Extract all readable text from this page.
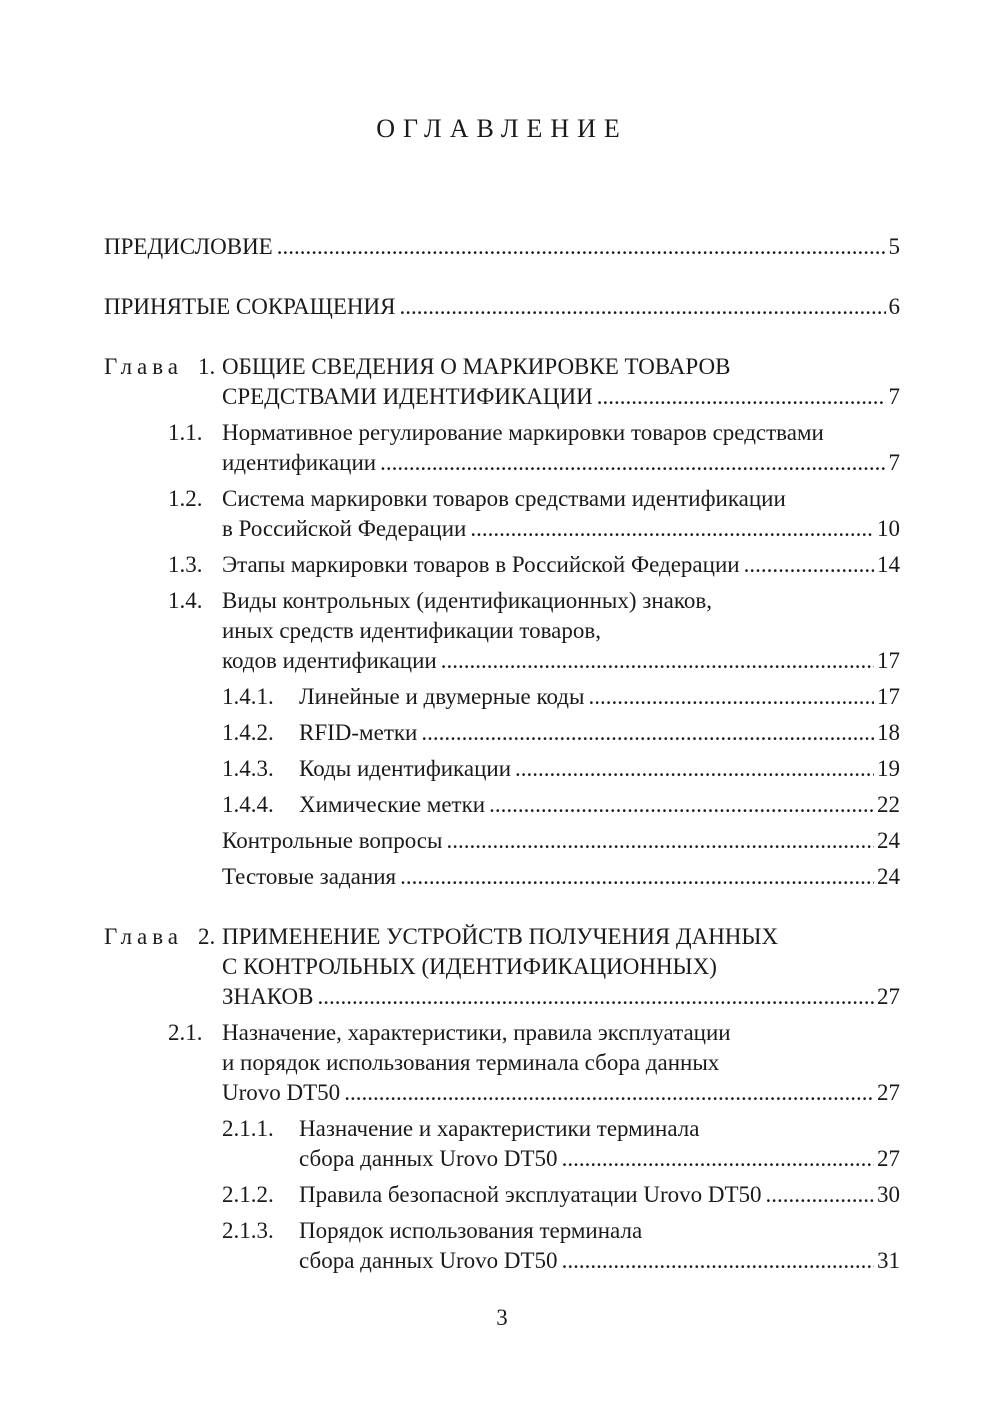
ОГЛАВЛЕНИЕ
ПРЕДИСЛОВИЕ .....	5
ПРИНЯТЫЕ СОКРАЩЕНИЯ .....	6
Глава 1. ОБЩИЕ СВЕДЕНИЯ О МАРКИРОВКЕ ТОВАРОВ
СРЕДСТВАМИ ИДЕНТИФИКАЦИИ .....	7
1.1. Нормативное регулирование маркировки товаров средствами
идентификации .....	7
1.2. Система маркировки товаров средствами идентификации
в Российской Федерации .....	10
1.3. Этапы маркировки товаров в Российской Федерации .....	14
1.4. Виды контрольных (идентификационных) знаков,
иных средств идентификации товаров,
кодов идентификации .....	17
1.4.1. Линейные и двумерные коды .....	17
1.4.2. RFID-метки .....	18
1.4.3. Коды идентификации .....	19
1.4.4. Химические метки .....	22
Контрольные вопросы .....	24
Тестовые задания .....	24
Глава 2. ПРИМЕНЕНИЕ УСТРОЙСТВ ПОЛУЧЕНИЯ ДАННЫХ
С КОНТРОЛЬНЫХ (ИДЕНТИФИКАЦИОННЫХ)
ЗНАКОВ .....	27
2.1. Назначение, характеристики, правила эксплуатации
и порядок использования терминала сбора данных
Urovo DT50 .....	27
2.1.1. Назначение и характеристики терминала
сбора данных Urovo DT50 .....	27
2.1.2. Правила безопасной эксплуатации Urovo DT50 .....	30
2.1.3. Порядок использования терминала
сбора данных Urovo DT50 .....	31
3
